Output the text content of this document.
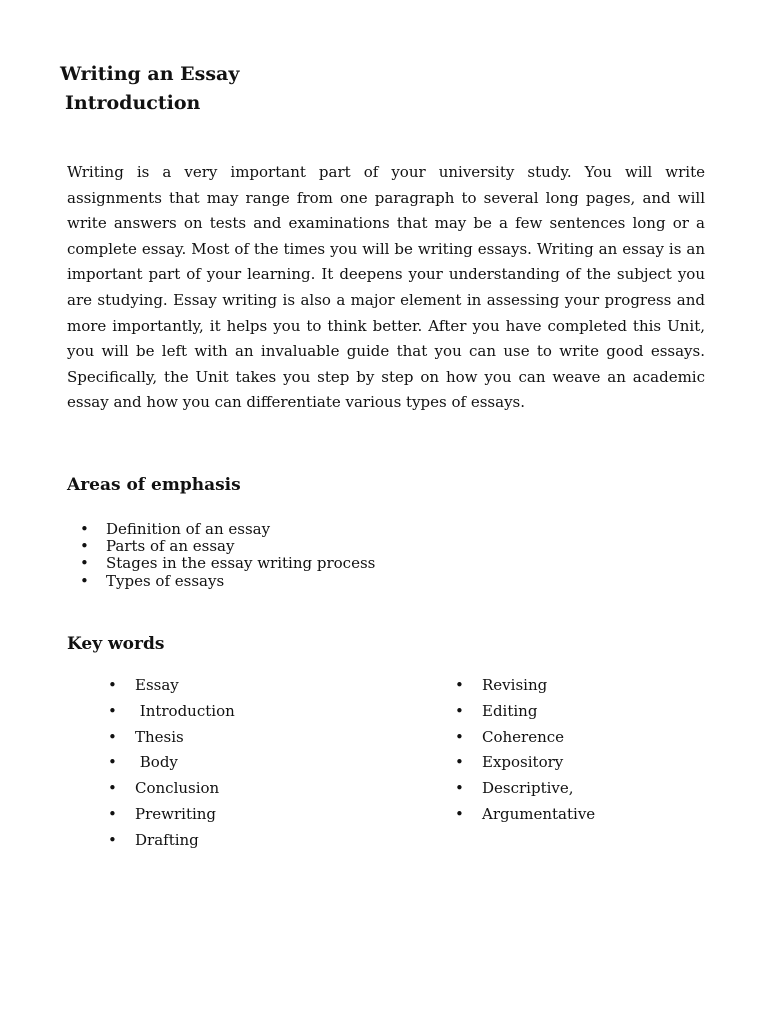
Writing an Essay
Introduction

Writing is a very important part of your university study. You will write assignments that may range from one paragraph to several long pages, and will write answers on tests and examinations that may be a few sentences long or a complete essay. Most of the times you will be writing essays. Writing an essay is an important part of your learning. It deepens your understanding of the subject you are studying. Essay writing is also a major element in assessing your progress and more importantly, it helps you to think better. After you have completed this Unit, you will be left with an invaluable guide that you can use to write good essays. Specifically, the Unit takes you step by step on how you can weave an academic essay and how you can differentiate various types of essays.

Areas of emphasis
• Definition of an essay
• Parts of an essay
• Stages in the essay writing process
• Types of essays
Key words
• Essay
•  Introduction
• Thesis
•  Body
• Conclusion
• Prewriting
• Drafting
• Revising
• Editing
• Coherence
• Expository
• Descriptive,
• Argumentative
